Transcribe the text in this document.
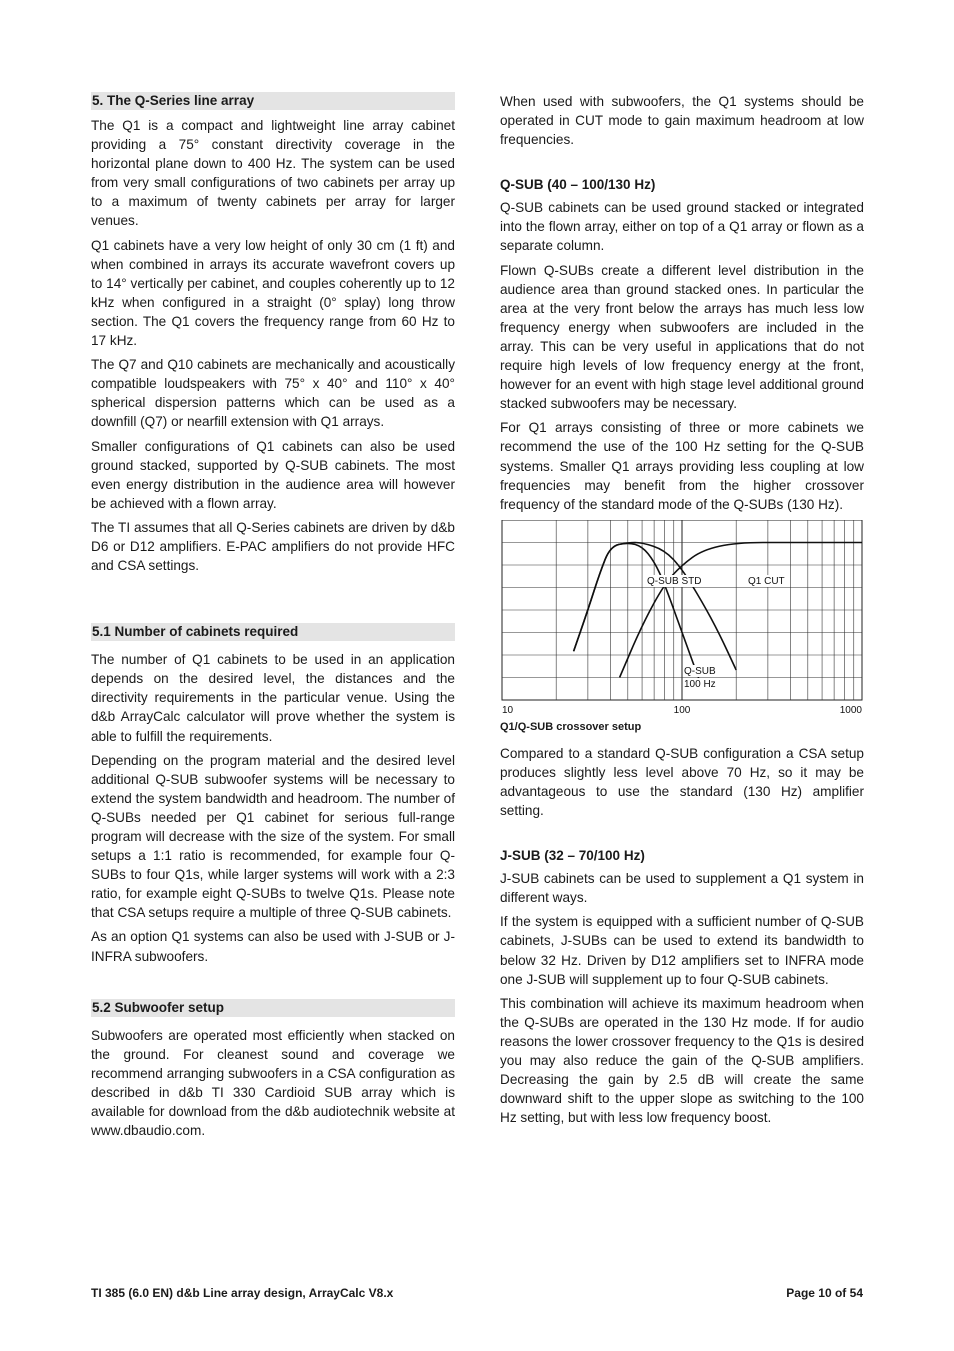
5. The Q-Series line array

The Q1 is a compact and lightweight line array cabinet providing a 75° constant directivity coverage in the horizontal plane down to 400 Hz. The system can be used from very small configurations of two cabinets per array up to a maximum of twenty cabinets per array for larger venues.

Q1 cabinets have a very low height of only 30 cm (1 ft) and when combined in arrays its accurate wavefront covers up to 14° vertically per cabinet, and couples coherently up to 12 kHz when configured in a straight (0° splay) long throw section. The Q1 covers the frequency range from 60 Hz to 17 kHz.

The Q7 and Q10 cabinets are mechanically and acoustically compatible loudspeakers with 75° x 40° and 110° x 40° spherical dispersion patterns which can be used as a downfill (Q7) or nearfill extension with Q1 arrays.

Smaller configurations of Q1 cabinets can also be used ground stacked, supported by Q-SUB cabinets. The most even energy distribution in the audience area will however be achieved with a flown array.

The TI assumes that all Q-Series cabinets are driven by d&b D6 or D12 amplifiers. E-PAC amplifiers do not provide HFC and CSA settings.

5.1 Number of cabinets required

The number of Q1 cabinets to be used in an application depends on the desired level, the distances and the directivity requirements in the particular venue. Using the d&b ArrayCalc calculator will prove whether the system is able to fulfill the requirements.

Depending on the program material and the desired level additional Q-SUB subwoofer systems will be necessary to extend the system bandwidth and headroom. The number of Q-SUBs needed per Q1 cabinet for serious full-range program will decrease with the size of the system. For small setups a 1:1 ratio is recommended, for example four Q-SUBs to four Q1s, while larger systems will work with a 2:3 ratio, for example eight Q-SUBs to twelve Q1s. Please note that CSA setups require a multiple of three Q-SUB cabinets.

As an option Q1 systems can also be used with J-SUB or J-INFRA subwoofers.

5.2 Subwoofer setup

Subwoofers are operated most efficiently when stacked on the ground. For cleanest sound and coverage we recommend arranging subwoofers in a CSA configuration as described in d&b TI 330 Cardioid SUB array which is available for download from the d&b audiotechnik website at www.dbaudio.com.

When used with subwoofers, the Q1 systems should be operated in CUT mode to gain maximum headroom at low frequencies.

Q-SUB (40 – 100/130 Hz)

Q-SUB cabinets can be used ground stacked or integrated into the flown array, either on top of a Q1 array or flown as a separate column.

Flown Q-SUBs create a different level distribution in the audience area than ground stacked ones. In particular the area at the very front below the arrays has much less low frequency energy when subwoofers are included in the array. This can be very useful in applications that do not require high levels of low frequency energy at the front, however for an event with high stage level additional ground stacked subwoofers may be necessary.

For Q1 arrays consisting of three or more cabinets we recommend the use of the 100 Hz setting for the Q-SUB systems. Smaller Q1 arrays providing less coupling at low frequencies may benefit from the higher crossover frequency of the standard mode of the Q-SUBs (130 Hz).

Q-SUB STD	Q1 CUT
Q-SUB
100 Hz
10	100	1000
Q1/Q-SUB crossover setup

Compared to a standard Q-SUB configuration a CSA setup produces slightly less level above 70 Hz, so it may be advantageous to use the standard (130 Hz) amplifier setting.

J-SUB (32 – 70/100 Hz)

J-SUB cabinets can be used to supplement a Q1 system in different ways.

If the system is equipped with a sufficient number of Q-SUB cabinets, J-SUBs can be used to extend its bandwidth to below 32 Hz. Driven by D12 amplifiers set to INFRA mode one J-SUB will supplement up to four Q-SUB cabinets.

This combination will achieve its maximum headroom when the Q-SUBs are operated in the 130 Hz mode. If for audio reasons the lower crossover frequency to the Q1s is desired you may also reduce the gain of the Q-SUB amplifiers. Decreasing the gain by 2.5 dB will create the same downward shift to the upper slope as switching to the 100 Hz setting, but with less low frequency boost.

TI 385 (6.0 EN) d&b Line array design, ArrayCalc V8.x	Page 10 of 54
